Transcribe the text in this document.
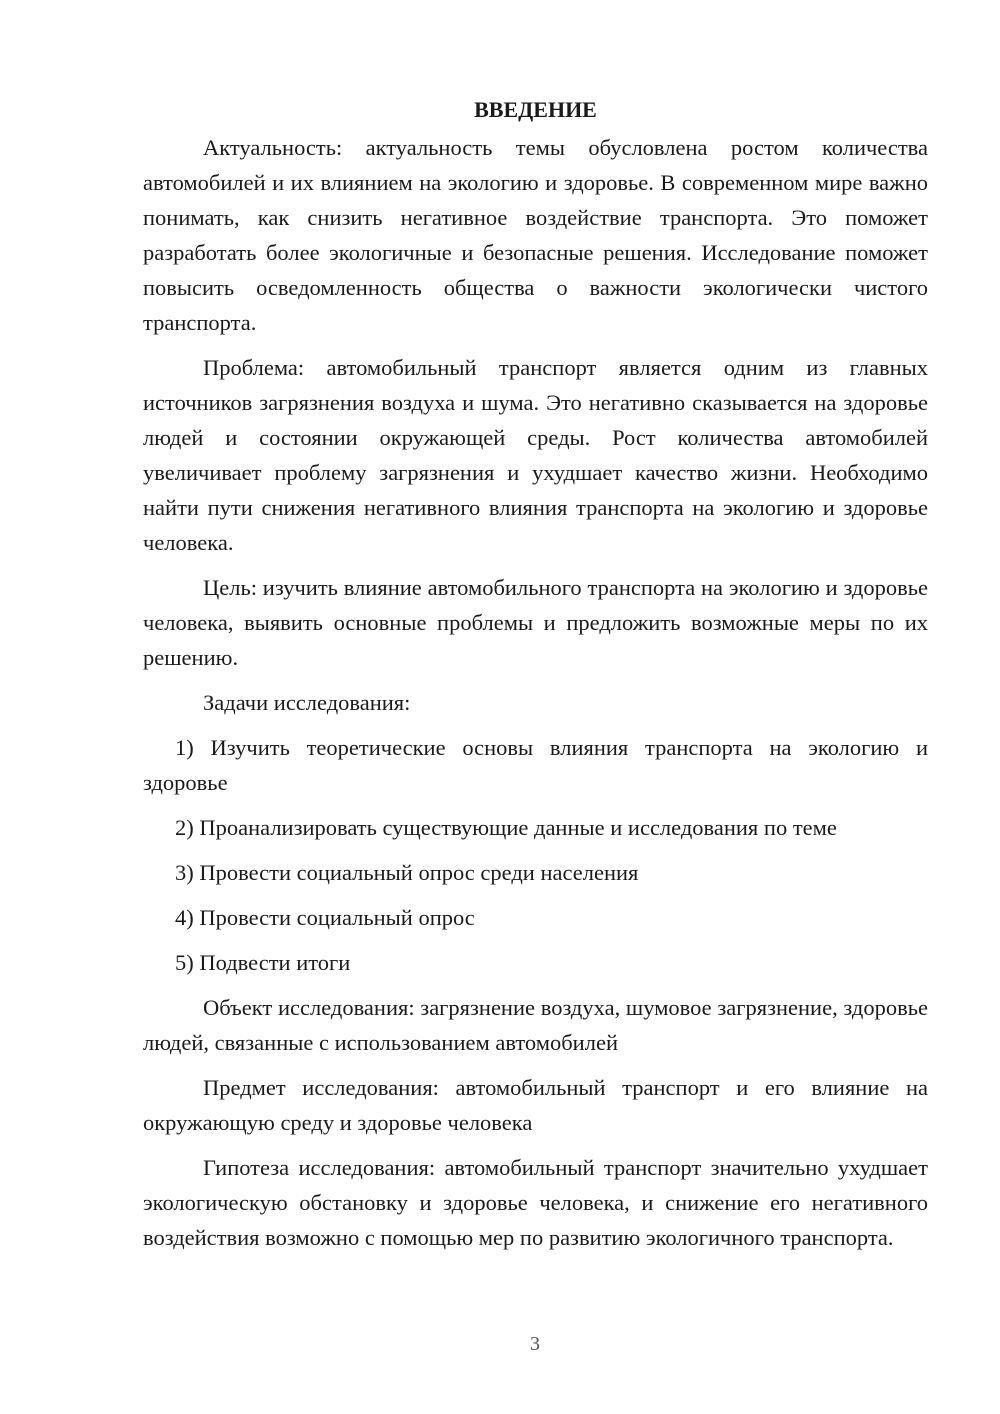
ВВЕДЕНИЕ

Актуальность: актуальность темы обусловлена ростом количества автомобилей и их влиянием на экологию и здоровье. В современном мире важно понимать, как снизить негативное воздействие транспорта. Это поможет разработать более экологичные и безопасные решения. Исследование поможет повысить осведомленность общества о важности экологически чистого транспорта.

Проблема: автомобильный транспорт является одним из главных источников загрязнения воздуха и шума. Это негативно сказывается на здоровье людей и состоянии окружающей среды. Рост количества автомобилей увеличивает проблему загрязнения и ухудшает качество жизни. Необходимо найти пути снижения негативного влияния транспорта на экологию и здоровье человека.

Цель: изучить влияние автомобильного транспорта на экологию и здоровье человека, выявить основные проблемы и предложить возможные меры по их решению.

Задачи исследования:

1) Изучить теоретические основы влияния транспорта на экологию и здоровье

2) Проанализировать существующие данные и исследования по теме

3) Провести социальный опрос среди населения

4) Провести социальный опрос

5) Подвести итоги

Объект исследования: загрязнение воздуха, шумовое загрязнение, здоровье людей, связанные с использованием автомобилей

Предмет исследования: автомобильный транспорт и его влияние на окружающую среду и здоровье человека

Гипотеза исследования: автомобильный транспорт значительно ухудшает экологическую обстановку и здоровье человека, и снижение его негативного воздействия возможно с помощью мер по развитию экологичного транспорта.

3
